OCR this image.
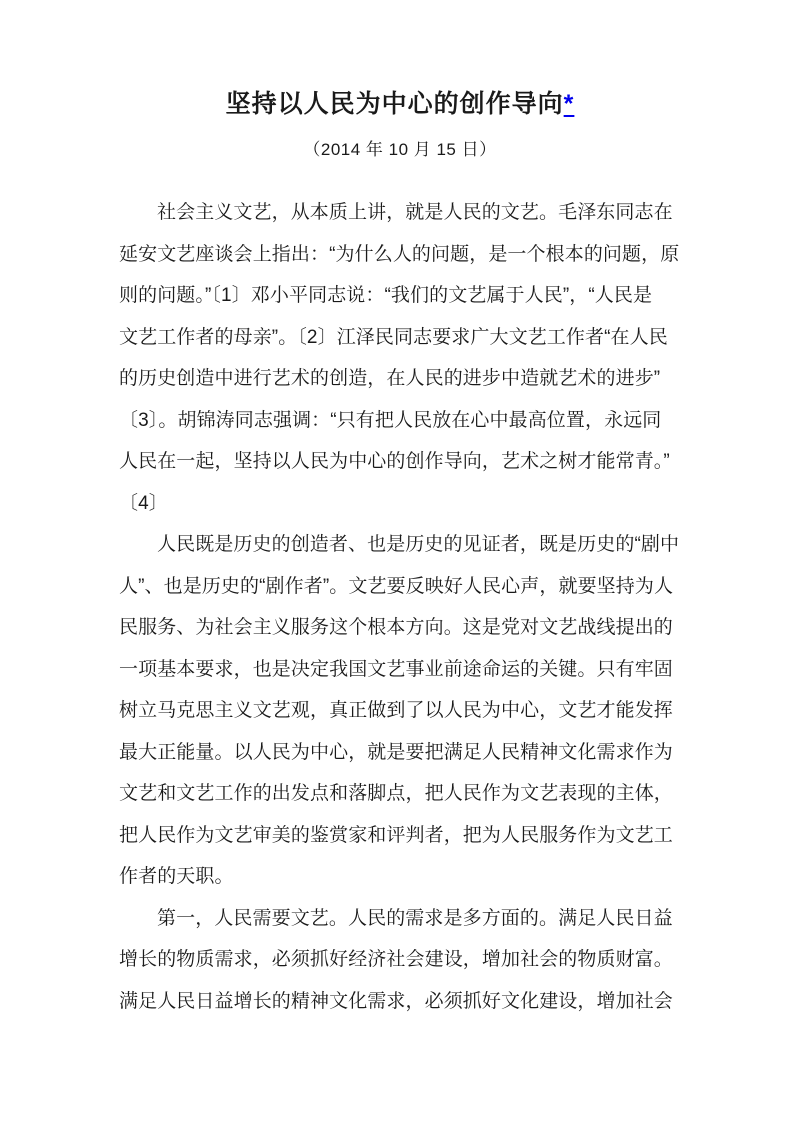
坚持以人民为中心的创作导向*
（2014 年 10 月 15 日）

社会主义文艺，从本质上讲，就是人民的文艺。毛泽东同志在
延安文艺座谈会上指出：“为什么人的问题，是一个根本的问题，原
则的问题。”〔1〕邓小平同志说：“我们的文艺属于人民”，“人民是
文艺工作者的母亲”。〔2〕江泽民同志要求广大文艺工作者“在人民
的历史创造中进行艺术的创造，在人民的进步中造就艺术的进步”
〔3〕。胡锦涛同志强调：“只有把人民放在心中最高位置，永远同
人民在一起，坚持以人民为中心的创作导向，艺术之树才能常青。”
〔4〕

人民既是历史的创造者、也是历史的见证者，既是历史的“剧中
人”、也是历史的“剧作者”。文艺要反映好人民心声，就要坚持为人
民服务、为社会主义服务这个根本方向。这是党对文艺战线提出的
一项基本要求，也是决定我国文艺事业前途命运的关键。只有牢固
树立马克思主义文艺观，真正做到了以人民为中心，文艺才能发挥
最大正能量。以人民为中心，就是要把满足人民精神文化需求作为
文艺和文艺工作的出发点和落脚点，把人民作为文艺表现的主体，
把人民作为文艺审美的鉴赏家和评判者，把为人民服务作为文艺工
作者的天职。

第一，人民需要文艺。人民的需求是多方面的。满足人民日益
增长的物质需求，必须抓好经济社会建设，增加社会的物质财富。
满足人民日益增长的精神文化需求，必须抓好文化建设，增加社会
